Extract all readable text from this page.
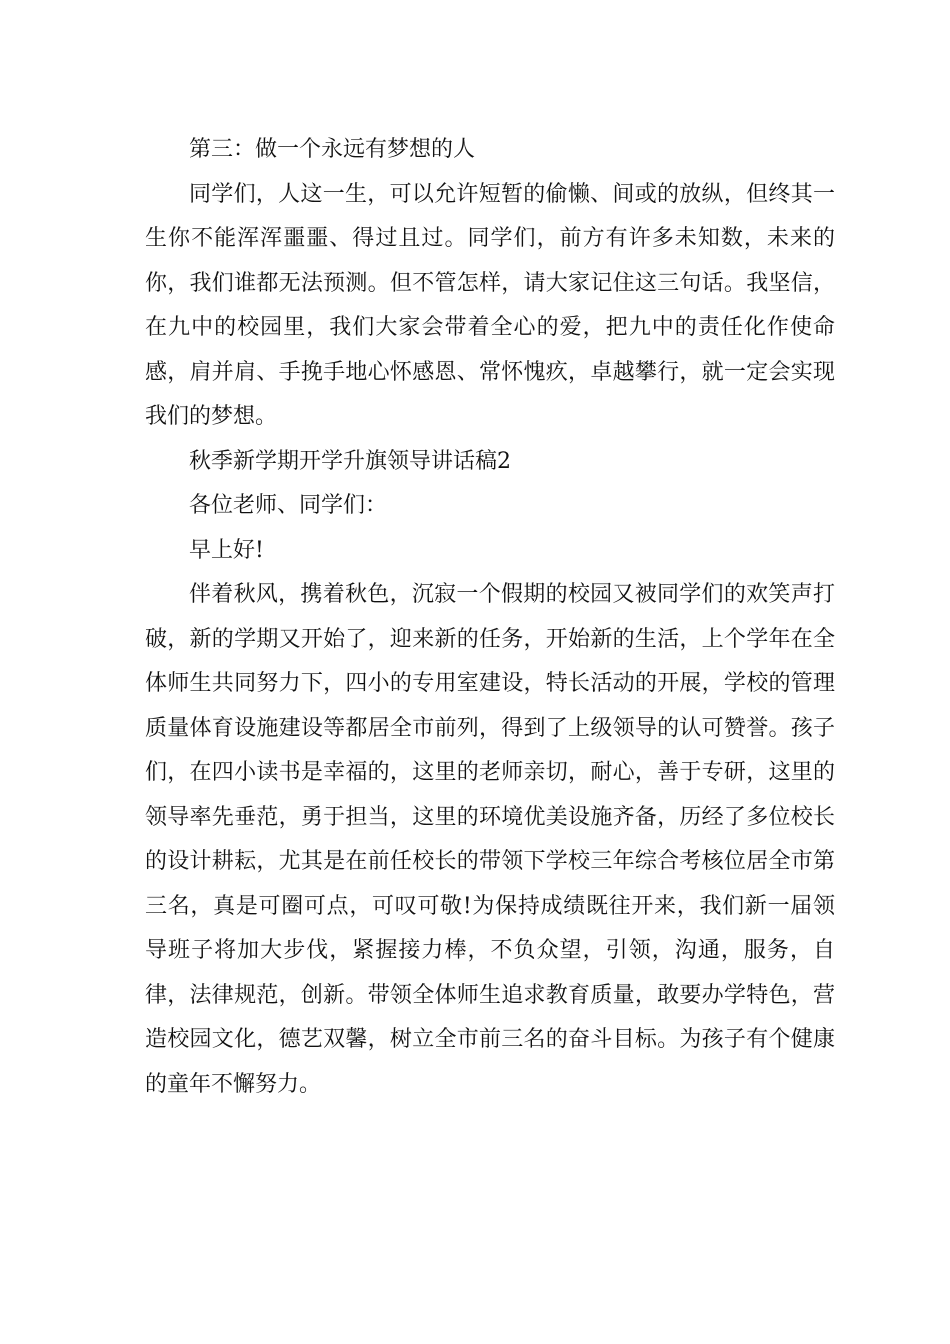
第三：做一个永远有梦想的人

同学们，人这一生，可以允许短暂的偷懒、间或的放纵，但终其一生你不能浑浑噩噩、得过且过。同学们，前方有许多未知数，未来的你，我们谁都无法预测。但不管怎样，请大家记住这三句话。我坚信，在九中的校园里，我们大家会带着全心的爱，把九中的责任化作使命感，肩并肩、手挽手地心怀感恩、常怀愧疚，卓越攀行，就一定会实现我们的梦想。

秋季新学期开学升旗领导讲话稿2

各位老师、同学们：

早上好!

伴着秋风，携着秋色，沉寂一个假期的校园又被同学们的欢笑声打破，新的学期又开始了，迎来新的任务，开始新的生活，上个学年在全体师生共同努力下，四小的专用室建设，特长活动的开展，学校的管理质量体育设施建设等都居全市前列，得到了上级领导的认可赞誉。孩子们，在四小读书是幸福的，这里的老师亲切，耐心，善于专研，这里的领导率先垂范，勇于担当，这里的环境优美设施齐备，历经了多位校长的设计耕耘，尤其是在前任校长的带领下学校三年综合考核位居全市第三名，真是可圈可点，可叹可敬!为保持成绩既往开来，我们新一届领导班子将加大步伐，紧握接力棒，不负众望，引领，沟通，服务，自律，法律规范，创新。带领全体师生追求教育质量，敢要办学特色，营造校园文化，德艺双馨，树立全市前三名的奋斗目标。为孩子有个健康的童年不懈努力。
